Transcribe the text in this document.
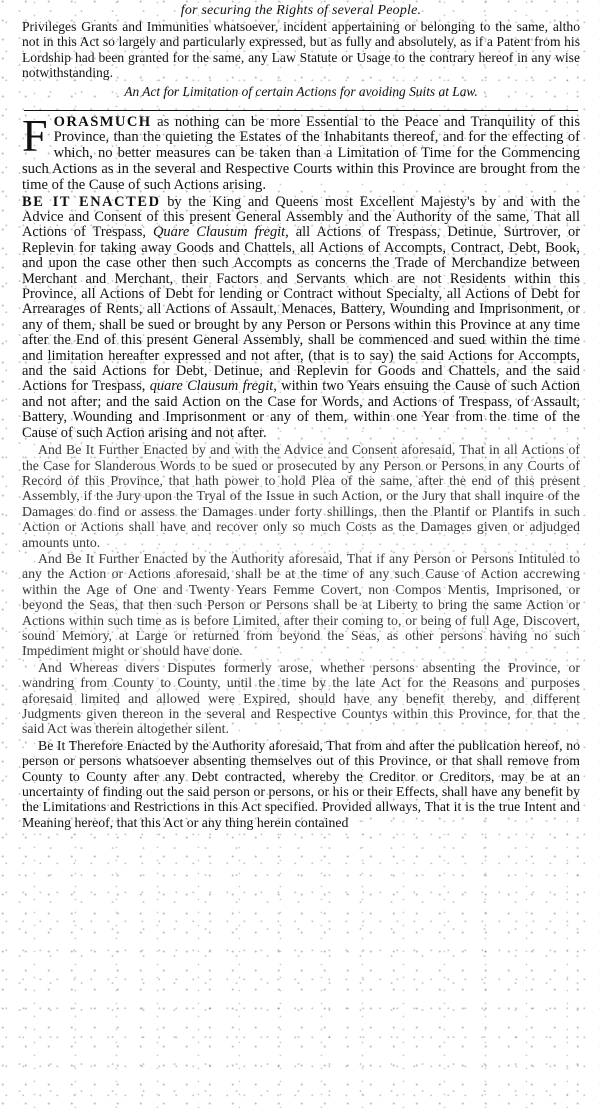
for securing the Rights of several People.

Privileges Grants and Immunities whatsoever, incident appertaining or belonging to the same, altho not in this Act so largely and particularly expressed, but as fully and absolutely, as if a Patent from his Lordship had been granted for the same, any Law Statute or Usage to the contrary hereof in any wise notwithstanding.

An Act for Limitation of certain Actions for avoiding Suits at Law.

FORASMUCH as nothing can be more Essential to the Peace and Tranquility of this Province, than the quieting the Estates of the Inhabitants thereof, and for the effecting of which, no better measures can be taken than a Limitation of Time for the Commencing such Actions as in the several and Respective Courts within this Province are brought from the time of the Cause of such Actions arising.

BE IT ENACTED by the King and Queens most Excellent Majesty's by and with the Advice and Consent of this present General Assembly and the Authority of the same, That all Actions of Trespass, Quare Clausum fregit, all Actions of Trespass, Detinue, Surtrover, or Replevin for taking away Goods and Chattels, all Actions of Accompts, Contract, Debt, Book, and upon the case other then such Accompts as concerns the Trade of Merchandize between Merchant and Merchant, their Factors and Servants which are not Residents within this Province, all Actions of Debt for lending or Contract without Specialty, all Actions of Debt for Arrearages of Rents, all Actions of Assault, Menaces, Battery, Wounding and Imprisonment, or any of them, shall be sued or brought by any Person or Persons within this Province at any time after the End of this present General Assembly, shall be commenced and sued within the time and limitation hereafter expressed and not after, (that is to say) the said Actions for Accompts, and the said Actions for Debt, Detinue, and Replevin for Goods and Chattels, and the said Actions for Trespass, quare Clausum fregit, within two Years ensuing the Cause of such Action and not after; and the said Action on the Case for Words, and Actions of Trespass, of Assault, Battery, Wounding and Imprisonment or any of them, within one Year from the time of the Cause of such Action arising and not after.

And Be It Further Enacted by and with the Advice and Consent aforesaid, That in all Actions of the Case for Slanderous Words to be sued or prosecuted by any Person or Persons in any Courts of Record of this Province, that hath power to hold Plea of the same, after the end of this present Assembly, if the Jury upon the Tryal of the Issue in such Action, or the Jury that shall inquire of the Damages do find or assess the Damages under forty shillings, then the Plantif or Plantifs in such Action or Actions shall have and recover only so much Costs as the Damages given or adjudged amounts unto.

And Be It Further Enacted by the Authority aforesaid, That if any Person or Persons Intituled to any the Action or Actions aforesaid, shall be at the time of any such Cause of Action accrewing within the Age of One and Twenty Years Femme Covert, non Compos Mentis, Imprisoned, or beyond the Seas, that then such Person or Persons shall be at Liberty to bring the same Action or Actions within such time as is before Limited, after their coming to, or being of full Age, Discovert, sound Memory, at Large or returned from beyond the Seas, as other persons having no such Impediment might or should have done.

And Whereas divers Disputes formerly arose, whether persons absenting the Province, or wandring from County to County, until the time by the late Act for the Reasons and purposes aforesaid limited and allowed were Expired, should have any benefit thereby, and different Judgments given thereon in the several and Respective Countys within this Province, for that the said Act was therein altogether silent.

Be It Therefore Enacted by the Authority aforesaid, That from and after the publication hereof, no person or persons whatsoever absenting themselves out of this Province, or that shall remove from County to County after any Debt contracted, whereby the Creditor or Creditors, may be at an uncertainty of finding out the said person or persons, or his or their Effects, shall have any benefit by the Limitations and Restrictions in this Act specified. Provided allways, That it is the true Intent and Meaning hereof, that this Act or any thing herein contained
